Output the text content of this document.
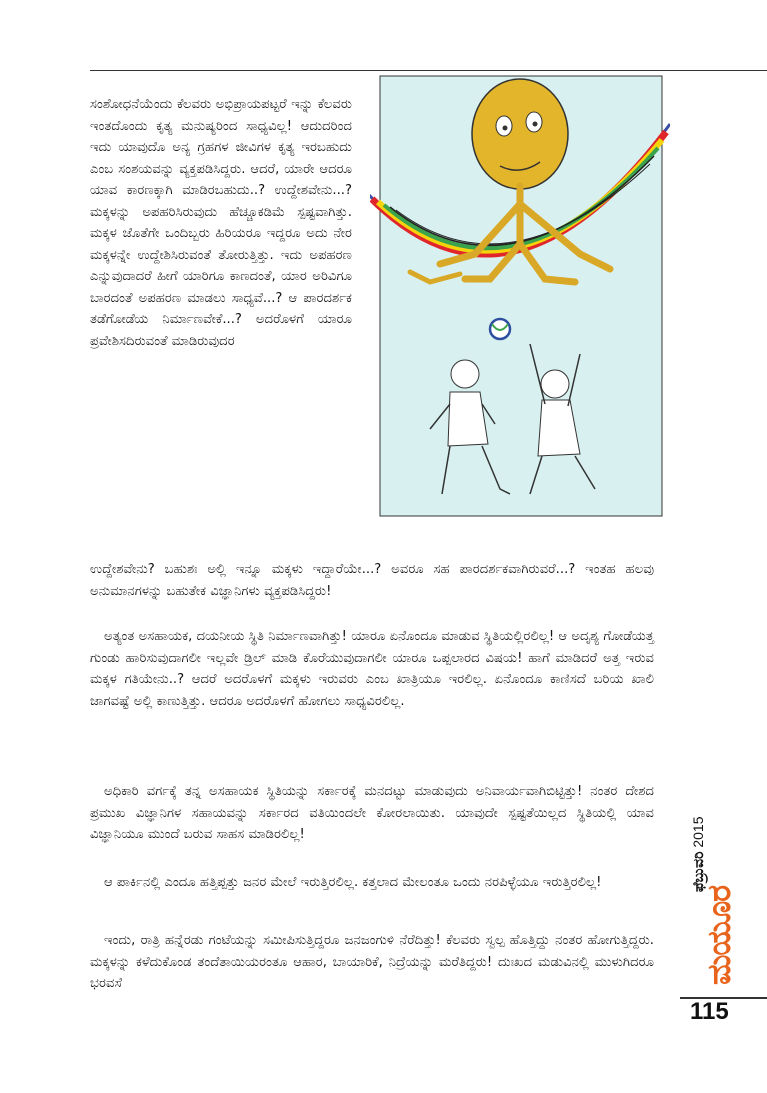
ಸಂಶೋಧನೆಯೆಂದು ಕೆಲವರು ಅಭಿಪ್ರಾಯಪಟ್ಟರೆ ಇನ್ನು ಕೆಲವರು ಇಂತದೊಂದು ಕೃತ್ಯ ಮನುಷ್ಯರಿಂದ ಸಾಧ್ಯವಿಲ್ಲ! ಆದುದರಿಂದ ಇದು ಯಾವುದೊ ಅನ್ಯ ಗ್ರಹಗಳ ಜೀವಿಗಳ ಕೃತ್ಯ ಇರಬಹುದು ಎಂಬ ಸಂಶಯವನ್ನು ವ್ಯಕ್ತಪಡಿಸಿದ್ದರು. ಆದರೆ, ಯಾರೇ ಆದರೂ ಯಾವ ಕಾರಣಕ್ಕಾಗಿ ಮಾಡಿರಬಹುದು..? ಉದ್ದೇಶವೇನು...? ಮಕ್ಕಳನ್ನು ಅಪಹರಿಸಿರುವುದು ಹೆಚ್ಚೂಕಡಿಮೆ ಸ್ಪಷ್ಟವಾಗಿತ್ತು. ಮಕ್ಕಳ ಜೊತೆಗೇ ಒಂದಿಬ್ಬರು ಹಿರಿಯರೂ ಇದ್ದರೂ ಅದು ನೇರ ಮಕ್ಕಳನ್ನೇ ಉದ್ದೇಶಿಸಿರುವಂತೆ ತೋರುತ್ತಿತ್ತು. ಇದು ಅಪಹರಣ ಎನ್ನುವುದಾದರೆ ಹೀಗೆ ಯಾರಿಗೂ ಕಾಣದಂತೆ, ಯಾರ ಅರಿವಿಗೂ ಬಾರದಂತೆ ಅಪಹರಣ ಮಾಡಲು ಸಾಧ್ಯವೆ...? ಆ ಪಾರದರ್ಶಕ ತಡೆಗೋಡೆಯ ನಿರ್ಮಾಣವೇಕೆ...? ಅದರೊಳಗೆ ಯಾರೂ ಪ್ರವೇಶಿಸದಿರುವಂತೆ ಮಾಡಿರುವುದರ

ಉದ್ದೇಶವೇನು? ಬಹುಶಃ ಅಲ್ಲಿ ಇನ್ನೂ ಮಕ್ಕಳು ಇದ್ದಾರೆಯೇ...? ಅವರೂ ಸಹ ಪಾರದರ್ಶಕವಾಗಿರುವರೆ...? ಇಂತಹ ಹಲವು ಅನುಮಾನಗಳನ್ನು ಬಹುತೇಕ ವಿಜ್ಞಾನಿಗಳು ವ್ಯಕ್ತಪಡಿಸಿದ್ದರು!

ಅತ್ಯಂತ ಅಸಹಾಯಕ, ದಯನೀಯ ಸ್ಥಿತಿ ನಿರ್ಮಾಣವಾಗಿತ್ತು! ಯಾರೂ ಏನೊಂದೂ ಮಾಡುವ ಸ್ಥಿತಿಯಲ್ಲಿರಲಿಲ್ಲ! ಆ ಅದೃಶ್ಯ ಗೋಡೆಯತ್ತ ಗುಂಡು ಹಾರಿಸುವುದಾಗಲೀ ಇಲ್ಲವೇ ಡ್ರಿಲ್ ಮಾಡಿ ಕೊರೆಯುವುದಾಗಲೀ ಯಾರೂ ಒಪ್ಪಲಾರದ ವಿಷಯ! ಹಾಗೆ ಮಾಡಿದರೆ ಅತ್ತ ಇರುವ ಮಕ್ಕಳ ಗತಿಯೇನು..? ಆದರೆ ಅದರೊಳಗೆ ಮಕ್ಕಳು ಇರುವರು ಎಂಬ ಖಾತ್ರಿಯೂ ಇರಲಿಲ್ಲ. ಏನೊಂದೂ ಕಾಣಿಸದೆ ಬರಿಯ ಖಾಲಿ ಜಾಗವಷ್ಟೆ ಅಲ್ಲಿ ಕಾಣುತ್ತಿತ್ತು. ಆದರೂ ಅದರೊಳಗೆ ಹೋಗಲು ಸಾಧ್ಯವಿರಲಿಲ್ಲ.

ಅಧಿಕಾರಿ ವರ್ಗಕ್ಕೆ ತನ್ನ ಅಸಹಾಯಕ ಸ್ಥಿತಿಯನ್ನು ಸರ್ಕಾರಕ್ಕೆ ಮನದಟ್ಟು ಮಾಡುವುದು ಅನಿವಾರ್ಯವಾಗಿಬಿಟ್ಟಿತ್ತು! ನಂತರ ದೇಶದ ಪ್ರಮುಖ ವಿಜ್ಞಾನಿಗಳ ಸಹಾಯವನ್ನು ಸರ್ಕಾರದ ವತಿಯಿಂದಲೇ ಕೋರಲಾಯಿತು. ಯಾವುದೇ ಸ್ಪಷ್ಟತೆಯಿಲ್ಲದ ಸ್ಥಿತಿಯಲ್ಲಿ ಯಾವ ವಿಜ್ಞಾನಿಯೂ ಮುಂದೆ ಬರುವ ಸಾಹಸ ಮಾಡಿರಲಿಲ್ಲ!

ಆ ಪಾರ್ಕಿನಲ್ಲಿ ಎಂದೂ ಹತ್ತಿಪ್ಪತ್ತು ಜನರ ಮೇಲೆ ಇರುತ್ತಿರಲಿಲ್ಲ. ಕತ್ತಲಾದ ಮೇಲಂತೂ ಒಂದು ನರಪಿಳ್ಳೆಯೂ ಇರುತ್ತಿರಲಿಲ್ಲ!

ಇಂದು, ರಾತ್ರಿ ಹನ್ನೆರಡು ಗಂಟೆಯನ್ನು ಸಮೀಪಿಸುತ್ತಿದ್ದರೂ ಜನಜಂಗುಳಿ ನೆರೆದಿತ್ತು! ಕೆಲವರು ಸ್ವಲ್ಪ ಹೊತ್ತಿದ್ದು ನಂತರ ಹೋಗುತ್ತಿದ್ದರು. ಮಕ್ಕಳನ್ನು ಕಳೆದುಕೊಂಡ ತಂದೆತಾಯಿಯರಂತೂ ಆಹಾರ, ಬಾಯಾರಿಕೆ, ನಿದ್ರೆಯನ್ನು ಮರೆತಿದ್ದರು! ದುಃಖದ ಮಡುವಿನಲ್ಲಿ ಮುಳುಗಿದರೂ ಭರವಸೆ

ಫೆಬ್ರುವರಿ 2015
ಮಯೂರ
115
